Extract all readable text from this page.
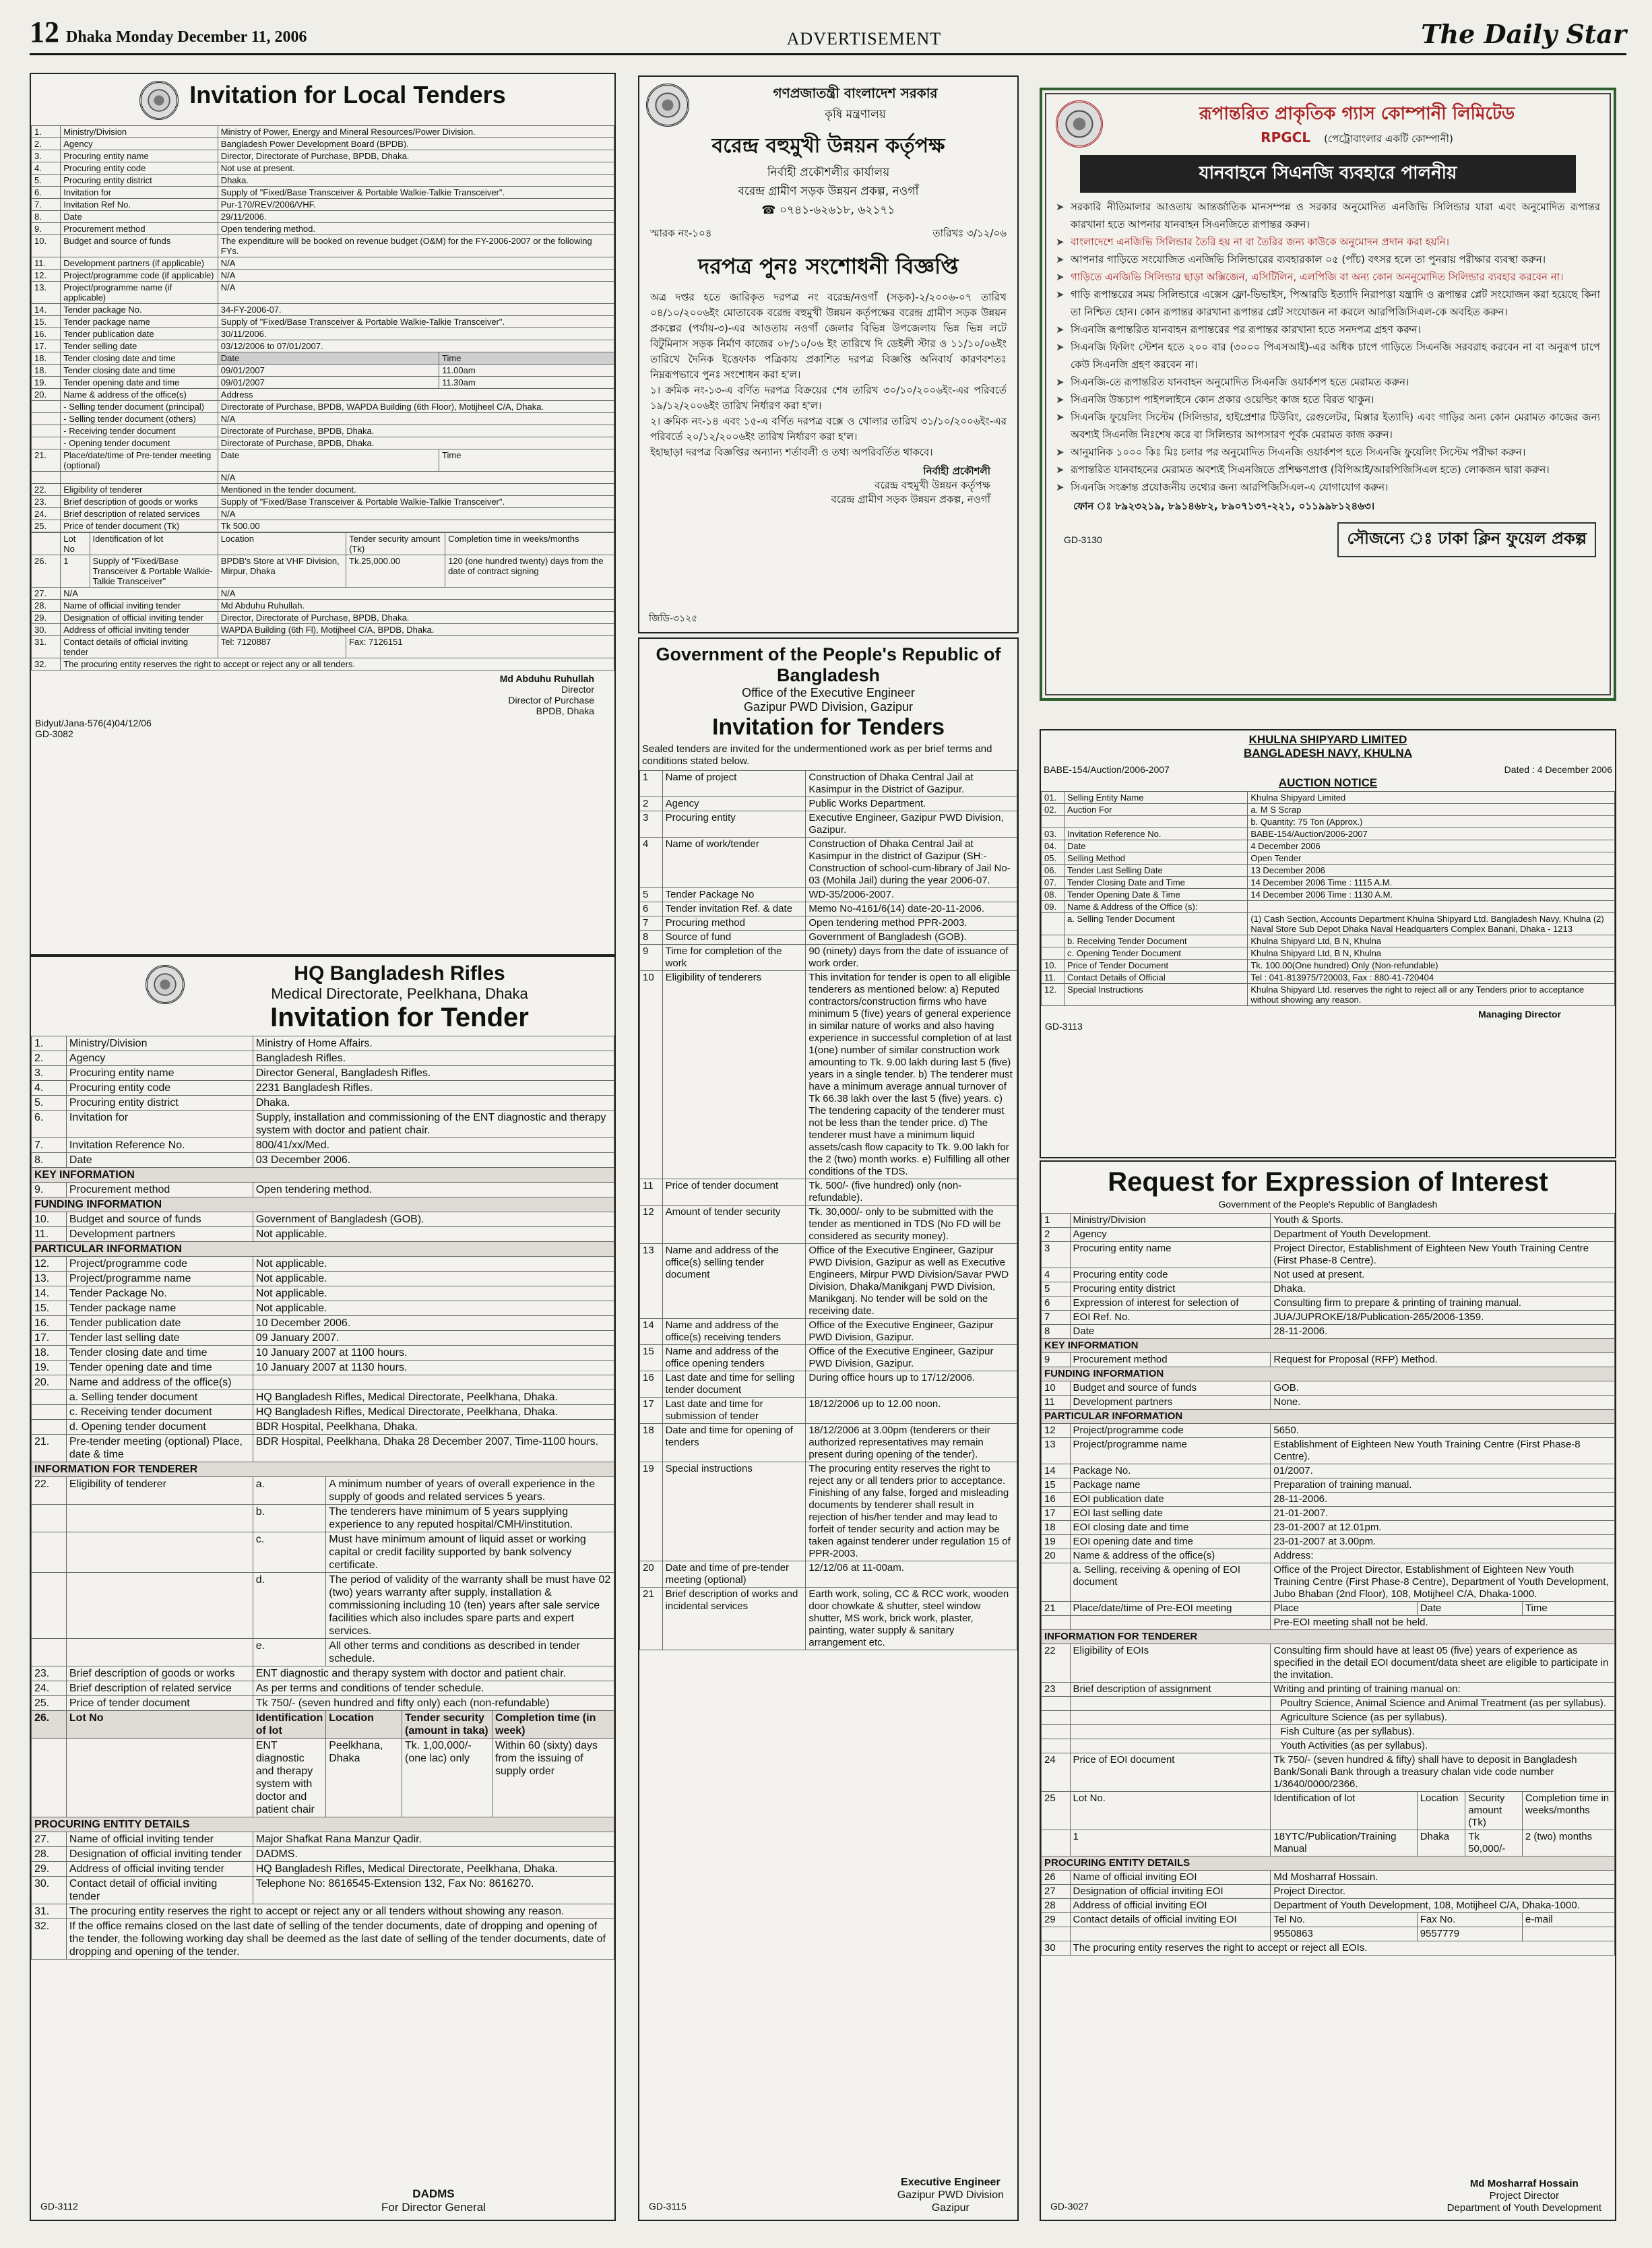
12 Dhaka Monday December 11, 2006	ADVERTISEMENT	The Daily Star
Invitation for Local Tenders
1.	Ministry/Division	Ministry of Power, Energy and Mineral Resources/Power Division.	
2.	Agency	Bangladesh Power Development Board (BPDB).	
3.	Procuring entity name	Director, Directorate of Purchase, BPDB, Dhaka.	
4.	Procuring entity code	Not use at present.	
5.	Procuring entity district	Dhaka.	
6.	Invitation for	Supply of "Fixed/Base Transceiver & Portable Walkie-Talkie Transceiver".	
7.	Invitation Ref No.	Pur-170/REV/2006/VHF.	
8.	Date	29/11/2006.	
9.	Procurement method	Open tendering method.	
10.	Budget and source of funds	The expenditure will be booked on revenue budget (O&M) for the FY-2006-2007 or the following FYs.	
11.	Development partners (if applicable)	N/A	
12.	Project/programme code (if applicable)	N/A	
13.	Project/programme name (if applicable)	N/A	
14.	Tender package No.	34-FY-2006-07.	
15.	Tender package name	Supply of "Fixed/Base Transceiver & Portable Walkie-Talkie Transceiver".	
16.	Tender publication date	30/11/2006.	
17.	Tender selling date	03/12/2006 to 07/01/2007.	
18.	Tender closing date and time	Date	Time
18.	Tender closing date and time	09/01/2007	11.00am
19.	Tender opening date and time	09/01/2007	11.30am
20.	Name & address of the office(s)	Address	
	- Selling tender document (principal)	Directorate of Purchase, BPDB, WAPDA Building (6th Floor), Motijheel C/A, Dhaka.	
	- Selling tender document (others)	N/A	
	- Receiving tender document	Directorate of Purchase, BPDB, Dhaka.	
	- Opening tender document	Directorate of Purchase, BPDB, Dhaka.	
21.	Place/date/time of Pre-tender meeting (optional)	Date	Time
		N/A	
22.	Eligibility of tenderer	Mentioned in the tender document.	
23.	Brief description of goods or works	Supply of "Fixed/Base Transceiver & Portable Walkie-Talkie Transceiver".	
24.	Brief description of related services	N/A	
25.	Price of tender document (Tk)	Tk 500.00	
	Lot No	Identification of lot	Location	Tender security amount (Tk)	Completion time in weeks/months
26.	1	Supply of "Fixed/Base Transceiver & Portable Walkie-Talkie Transceiver"	BPDB's Store at VHF Division, Mirpur, Dhaka	Tk.25,000.00	120 (one hundred twenty) days from the date of contract signing
27.	N/A		N/A		
28.	Name of official inviting tender		Md Abduhu Ruhullah.		
29.	Designation of official inviting tender		Director, Directorate of Purchase, BPDB, Dhaka.		
30.	Address of official inviting tender		WAPDA Building (6th Fl), Motijheel C/A, BPDB, Dhaka.		
31.	Contact details of official inviting tender		Tel: 7120887	Fax: 7126151	
32.	The procuring entity reserves the right to accept or reject any or all tenders.				
Md Abduhu Ruhullah
Director
Director of Purchase
BPDB, Dhaka
Bidyut/Jana-576(4)04/12/06
GD-3082
HQ Bangladesh Rifles
Medical Directorate, Peelkhana, Dhaka
Invitation for Tender
1.	Ministry/Division	Ministry of Home Affairs.			
2.	Agency	Bangladesh Rifles.			
3.	Procuring entity name	Director General, Bangladesh Rifles.			
4.	Procuring entity code	2231 Bangladesh Rifles.			
5.	Procuring entity district	Dhaka.			
6.	Invitation for	Supply, installation and commissioning of the ENT diagnostic and therapy system with doctor and patient chair.			
7.	Invitation Reference No.	800/41/xx/Med.			
8.	Date	03 December 2006.			
KEY INFORMATION					
9.	Procurement method	Open tendering method.			
FUNDING INFORMATION					
10.	Budget and source of funds	Government of Bangladesh (GOB).			
11.	Development partners	Not applicable.			
PARTICULAR INFORMATION					
12.	Project/programme code	Not applicable.			
13.	Project/programme name	Not applicable.			
14.	Tender Package No.	Not applicable.			
15.	Tender package name	Not applicable.			
16.	Tender publication date	10 December 2006.			
17.	Tender last selling date	09 January 2007.			
18.	Tender closing date and time	10 January 2007 at 1100 hours.			
19.	Tender opening date and time	10 January 2007 at 1130 hours.			
20.	Name and address of the office(s)				
	a. Selling tender document	HQ Bangladesh Rifles, Medical Directorate, Peelkhana, Dhaka.			
	c. Receiving tender document	HQ Bangladesh Rifles, Medical Directorate, Peelkhana, Dhaka.			
	d. Opening tender document	BDR Hospital, Peelkhana, Dhaka.			
21.	Pre-tender meeting (optional) Place, date & time	BDR Hospital, Peelkhana, Dhaka 28 December 2007, Time-1100 hours.			
INFORMATION FOR TENDERER					
22.	Eligibility of tenderer	a.	A minimum number of years of overall experience in the supply of goods and related services 5 years.		
		b.	The tenderers have minimum of 5 years supplying experience to any reputed hospital/CMH/institution.		
		c.	Must have minimum amount of liquid asset or working capital or credit facility supported by bank solvency certificate.		
		d.	The period of validity of the warranty shall be must have 02 (two) years warranty after supply, installation & commissioning including 10 (ten) years after sale service facilities which also includes spare parts and expert services.		
		e.	All other terms and conditions as described in tender schedule.		
23.	Brief description of goods or works	ENT diagnostic and therapy system with doctor and patient chair.			
24.	Brief description of related service	As per terms and conditions of tender schedule.			
25.	Price of tender document	Tk 750/- (seven hundred and fifty only) each (non-refundable)			
26.	Lot No	Identification of lot	Location	Tender security (amount in taka)	Completion time (in week)
		ENT diagnostic and therapy system with doctor and patient chair	Peelkhana, Dhaka	Tk. 1,00,000/- (one lac) only	Within 60 (sixty) days from the issuing of supply order
PROCURING ENTITY DETAILS					
27.	Name of official inviting tender	Major Shafkat Rana Manzur Qadir.			
28.	Designation of official inviting tender	DADMS.			
29.	Address of official inviting tender	HQ Bangladesh Rifles, Medical Directorate, Peelkhana, Dhaka.			
30.	Contact detail of official inviting tender	Telephone No: 8616545-Extension 132, Fax No: 8616270.			
31.	The procuring entity reserves the right to accept or reject any or all tenders without showing any reason.				
32.	If the office remains closed on the last date of selling of the tender documents, date of dropping and opening of the tender, the following working day shall be deemed as the last date of selling of the tender documents, date of dropping and opening of the tender.				
DADMS
For Director General
GD-3112
গণপ্রজাতন্ত্রী বাংলাদেশ সরকার
কৃষি মন্ত্রণালয়
বরেন্দ্র বহুমুখী উন্নয়ন কর্তৃপক্ষ
নির্বাহী প্রকৌশলীর কার্যালয়
বরেন্দ্র গ্রামীণ সড়ক উন্নয়ন প্রকল্প, নওগাঁ
☎ ০৭৪১-৬২৬১৮, ৬২১৭১
স্মারক নং-১০৪	তারিখঃ ৩/১২/০৬
দরপত্র পুনঃ সংশোধনী বিজ্ঞপ্তি
অত্র দপ্তর হতে জারিকৃত দরপত্র নং বরেন্দ্র/নওগাঁ (সড়ক)-২/২০০৬-০৭ তারিখ ০৪/১০/২০০৬ইং মোতাবেক বরেন্দ্র বহুমুখী উন্নয়ন কর্তৃপক্ষের বরেন্দ্র গ্রামীণ সড়ক উন্নয়ন প্রকল্পের (পর্যায়-৩)-এর আওতায় নওগাঁ জেলার বিভিন্ন উপজেলায় ভিন্ন ভিন্ন লটে বিটুমিনাস সড়ক নির্মাণ কাজের ০৮/১০/০৬ ইং তারিখে দি ডেইলী স্টার ও ১১/১০/০৬ইং তারিখে দৈনিক ইত্তেফাক পত্রিকায় প্রকাশিত দরপত্র বিজ্ঞপ্তি অনিবার্য কারণবশতঃ নিম্নরূপভাবে পুনঃ সংশোধন করা হ'ল।
১। ক্রমিক নং-১৩-এ বর্ণিত দরপত্র বিক্রয়ের শেষ তারিখ ৩০/১০/২০০৬ইং-এর পরিবর্তে ১৯/১২/২০০৬ইং তারিখ নির্ধারণ করা হ'ল।
২। ক্রমিক নং-১৪ এবং ১৫-এ বর্ণিত দরপত্র বক্সে ও খোলার তারিখ ৩১/১০/২০০৬ইং-এর পরিবর্তে ২০/১২/২০০৬ইং তারিখ নির্ধারণ করা হ'ল।
ইহাছাড়া দরপত্র বিজ্ঞপ্তির অন্যান্য শর্তাবলী ও তথ্য অপরিবর্তিত থাকবে।
নির্বাহী প্রকৌশলী
বরেন্দ্র বহুমুখী উন্নয়ন কর্তৃপক্ষ
বরেন্দ্র গ্রামীণ সড়ক উন্নয়ন প্রকল্প, নওগাঁ
জিডি-৩১২৫
Government of the People's Republic of Bangladesh
Office of the Executive Engineer
Gazipur PWD Division, Gazipur
Invitation for Tenders
Sealed tenders are invited for the undermentioned work as per brief terms and conditions stated below.
1	Name of project	Construction of Dhaka Central Jail at Kasimpur in the District of Gazipur.
2	Agency	Public Works Department.
3	Procuring entity	Executive Engineer, Gazipur PWD Division, Gazipur.
4	Name of work/tender	Construction of Dhaka Central Jail at Kasimpur in the district of Gazipur (SH:- Construction of school-cum-library of Jail No-03 (Mohila Jail) during the year 2006-07.
5	Tender Package No	WD-35/2006-2007.
6	Tender invitation Ref. & date	Memo No-4161/6(14) date-20-11-2006.
7	Procuring method	Open tendering method PPR-2003.
8	Source of fund	Government of Bangladesh (GOB).
9	Time for completion of the work	90 (ninety) days from the date of issuance of work order.
10	Eligibility of tenderers	This invitation for tender is open to all eligible tenderers as mentioned below: a) Reputed contractors/construction firms who have minimum 5 (five) years of general experience in similar nature of works and also having experience in successful completion of at last 1(one) number of similar construction work amounting to Tk. 9.00 lakh during last 5 (five) years in a single tender. b) The tenderer must have a minimum average annual turnover of Tk 66.38 lakh over the last 5 (five) years. c) The tendering capacity of the tenderer must not be less than the tender price. d) The tenderer must have a minimum liquid assets/cash flow capacity to Tk. 9.00 lakh for the 2 (two) month works. e) Fulfilling all other conditions of the TDS.
11	Price of tender document	Tk. 500/- (five hundred) only (non-refundable).
12	Amount of tender security	Tk. 30,000/- only to be submitted with the tender as mentioned in TDS (No FD will be considered as security money).
13	Name and address of the office(s) selling tender document	Office of the Executive Engineer, Gazipur PWD Division, Gazipur as well as Executive Engineers, Mirpur PWD Division/Savar PWD Division, Dhaka/Manikganj PWD Division, Manikganj. No tender will be sold on the receiving date.
14	Name and address of the office(s) receiving tenders	Office of the Executive Engineer, Gazipur PWD Division, Gazipur.
15	Name and address of the office opening tenders	Office of the Executive Engineer, Gazipur PWD Division, Gazipur.
16	Last date and time for selling tender document	During office hours up to 17/12/2006.
17	Last date and time for submission of tender	18/12/2006 up to 12.00 noon.
18	Date and time for opening of tenders	18/12/2006 at 3.00pm (tenderers or their authorized representatives may remain present during opening of the tender).
19	Special instructions	The procuring entity reserves the right to reject any or all tenders prior to acceptance. Finishing of any false, forged and misleading documents by tenderer shall result in rejection of his/her tender and may lead to forfeit of tender security and action may be taken against tenderer under regulation 15 of PPR-2003.
20	Date and time of pre-tender meeting (optional)	12/12/06 at 11-00am.
21	Brief description of works and incidental services	Earth work, soling, CC & RCC work, wooden door chowkate & shutter, steel window shutter, MS work, brick work, plaster, painting, water supply & sanitary arrangement etc.
Executive Engineer
Gazipur PWD Division
Gazipur
GD-3115
রূপান্তরিত প্রাকৃতিক গ্যাস কোম্পানী লিমিটেড
RPGCL (পেট্রোবাংলার একটি কোম্পানী)
যানবাহনে সিএনজি ব্যবহারে পালনীয়
➤ সরকারি নীতিমালার আওতায় আন্তর্জাতিক মানসম্পন্ন ও সরকার অনুমোদিত এনজিভি সিলিন্ডার যারা এবং অনুমোদিত রূপান্তর কারখানা হতে আপনার যানবাহন সিএনজিতে রূপান্তর করুন।
➤ বাংলাদেশে এনজিভি সিলিন্ডার তৈরি হয় না বা তৈরির জন্য কাউকে অনুমোদন প্রদান করা হয়নি।
➤ আপনার গাড়িতে সংযোজিত এনজিভি সিলিন্ডারের ব্যবহারকাল ০৫ (পাঁচ) বৎসর হলে তা পুনরায় পরীক্ষার ব্যবস্থা করুন।
➤ গাড়িতে এনজিভি সিলিন্ডার ছাড়া অক্সিজেন, এসিটিলিন, এলপিজি বা অন্য কোন অননুমোদিত সিলিন্ডার ব্যবহার করবেন না।
➤ গাড়ি রূপান্তরের সময় সিলিন্ডারে এক্সেস ফ্লো-ভিভাইস, পিআরডি ইত্যাদি নিরাপত্তা যন্ত্রাদি ও রূপান্তর প্লেট সংযোজন করা হয়েছে কিনা তা নিশ্চিত হোন। কোন রূপান্তর কারখানা রূপান্তর প্লেট সংযোজন না করলে আরপিজিসিএল-কে অবহিত করুন।
➤ সিএনজি রূপান্তরিত যানবাহন রূপান্তরের পর রূপান্তর কারখানা হতে সনদপত্র গ্রহণ করুন।
➤ সিএনজি ফিলিং স্টেশন হতে ২০০ বার (৩০০০ পিএসআই)-এর অধিক চাপে গাড়িতে সিএনজি সরবরাহ করবেন না বা অনুরূপ চাপে কেউ সিএনজি গ্রহণ করবেন না।
➤ সিএনজি-তে রূপান্তরিত যানবাহন অনুমোদিত সিএনজি ওয়ার্কশপ হতে মেরামত করুন।
➤ সিএনজি উচ্চচাপ পাইপলাইনে কোন প্রকার ওয়েল্ডিং কাজ হতে বিরত থাকুন।
➤ সিএনজি ফুয়েলিং সিস্টেম (সিলিন্ডার, হাইপ্রেশার টিউবিং, রেগুলেটর, মিক্সার ইত্যাদি) এবং গাড়ির অন্য কোন মেরামত কাজের জন্য অবশ্যই সিএনজি নিঃশেষ করে বা সিলিন্ডার আপসারণ পূর্বক মেরামত কাজ করুন।
➤ আনুমানিক ১০০০ কিঃ মিঃ চলার পর অনুমোদিত সিএনজি ওয়ার্কশপ হতে সিএনজি ফুয়েলিং সিস্টেম পরীক্ষা করুন।
➤ রূপান্তরিত যানবাহনের মেরামত অবশ্যই সিএনজিতে প্রশিক্ষণপ্রাপ্ত (বিপিআই/আরপিজিসিএল হতে) লোকজন দ্বারা করুন।
➤ সিএনজি সংক্রান্ত প্রয়োজনীয় তথ্যের জন্য আরপিজিসিএল-এ যোগাযোগ করুন।
ফোন ঃ ৮৯২৩২১৯, ৮৯১৪৬৮২, ৮৯০৭১৩৭-২২১, ০১১৯৯৮১২৪৬৩।
GD-3130	সৌজন্যে ঃ ঢাকা ক্লিন ফুয়েল প্রকল্প
KHULNA SHIPYARD LIMITED
BANGLADESH NAVY, KHULNA
BABE-154/Auction/2006-2007	Dated : 4 December 2006
AUCTION NOTICE
01.	Selling Entity Name	Khulna Shipyard Limited
02.	Auction For	a. M S Scrap
		b. Quantity: 75 Ton (Approx.)
03.	Invitation Reference No.	BABE-154/Auction/2006-2007
04.	Date	4 December 2006
05.	Selling Method	Open Tender
06.	Tender Last Selling Date	13 December 2006
07.	Tender Closing Date and Time	14 December 2006 Time : 1115 A.M.
08.	Tender Opening Date & Time	14 December 2006 Time : 1130 A.M.
09.	Name & Address of the Office (s):	
	a. Selling Tender Document	(1) Cash Section, Accounts Department Khulna Shipyard Ltd. Bangladesh Navy, Khulna (2) Naval Store Sub Depot Dhaka Naval Headquarters Complex Banani, Dhaka - 1213
	b. Receiving Tender Document	Khulna Shipyard Ltd, B N, Khulna
	c. Opening Tender Document	Khulna Shipyard Ltd, B N, Khulna
10.	Price of Tender Document	Tk. 100.00(One hundred) Only (Non-refundable)
11.	Contact Details of Official	Tel : 041-813975/720003, Fax : 880-41-720404
12.	Special Instructions	Khulna Shipyard Ltd. reserves the right to reject all or any Tenders prior to acceptance without showing any reason.
Managing Director
GD-3113
Request for Expression of Interest
Government of the People's Republic of Bangladesh
1	Ministry/Division	Youth & Sports.			
2	Agency	Department of Youth Development.			
3	Procuring entity name	Project Director, Establishment of Eighteen New Youth Training Centre (First Phase-8 Centre).			
4	Procuring entity code	Not used at present.			
5	Procuring entity district	Dhaka.			
6	Expression of interest for selection of	Consulting firm to prepare & printing of training manual.			
7	EOI Ref. No.	JUA/JUPROKE/18/Publication-265/2006-1359.			
8	Date	28-11-2006.			
KEY INFORMATION					
9	Procurement method	Request for Proposal (RFP) Method.			
FUNDING INFORMATION					
10	Budget and source of funds	GOB.			
11	Development partners	None.			
PARTICULAR INFORMATION					
12	Project/programme code	5650.			
13	Project/programme name	Establishment of Eighteen New Youth Training Centre (First Phase-8 Centre).			
14	Package No.	01/2007.			
15	Package name	Preparation of training manual.			
16	EOI publication date	28-11-2006.			
17	EOI last selling date	21-01-2007.			
18	EOI closing date and time	23-01-2007 at 12.01pm.			
19	EOI opening date and time	23-01-2007 at 3.00pm.			
20	Name & address of the office(s)	Address:			
	a. Selling, receiving & opening of EOI document	Office of the Project Director, Establishment of Eighteen New Youth Training Centre (First Phase-8 Centre), Department of Youth Development, Jubo Bhaban (2nd Floor), 108, Motijheel C/A, Dhaka-1000.			
21	Place/date/time of Pre-EOI meeting	Place	Date		Time
		Pre-EOI meeting shall not be held.			
INFORMATION FOR TENDERER					
22	Eligibility of EOIs	Consulting firm should have at least 05 (five) years of experience as specified in the detail EOI document/data sheet are eligible to participate in the invitation.			
23	Brief description of assignment	Writing and printing of training manual on:			
		Poultry Science, Animal Science and Animal Treatment (as per syllabus).			
		Agriculture Science (as per syllabus).			
		Fish Culture (as per syllabus).			
		Youth Activities (as per syllabus).			
24	Price of EOI document	Tk 750/- (seven hundred & fifty) shall have to deposit in Bangladesh Bank/Sonali Bank through a treasury chalan vide code number 1/3640/0000/2366.			
25	Lot No.	Identification of lot	Location	Security amount (Tk)	Completion time in weeks/months
	1	18YTC/Publication/Training Manual	Dhaka	Tk 50,000/-	2 (two) months
PROCURING ENTITY DETAILS					
26	Name of official inviting EOI	Md Mosharraf Hossain.			
27	Designation of official inviting EOI	Project Director.			
28	Address of official inviting EOI	Department of Youth Development, 108, Motijheel C/A, Dhaka-1000.			
29	Contact details of official inviting EOI	Tel No.	Fax No.		e-mail
		9550863	9557779		
30	The procuring entity reserves the right to accept or reject all EOIs.				
Md Mosharraf Hossain
Project Director
Department of Youth Development
GD-3027
